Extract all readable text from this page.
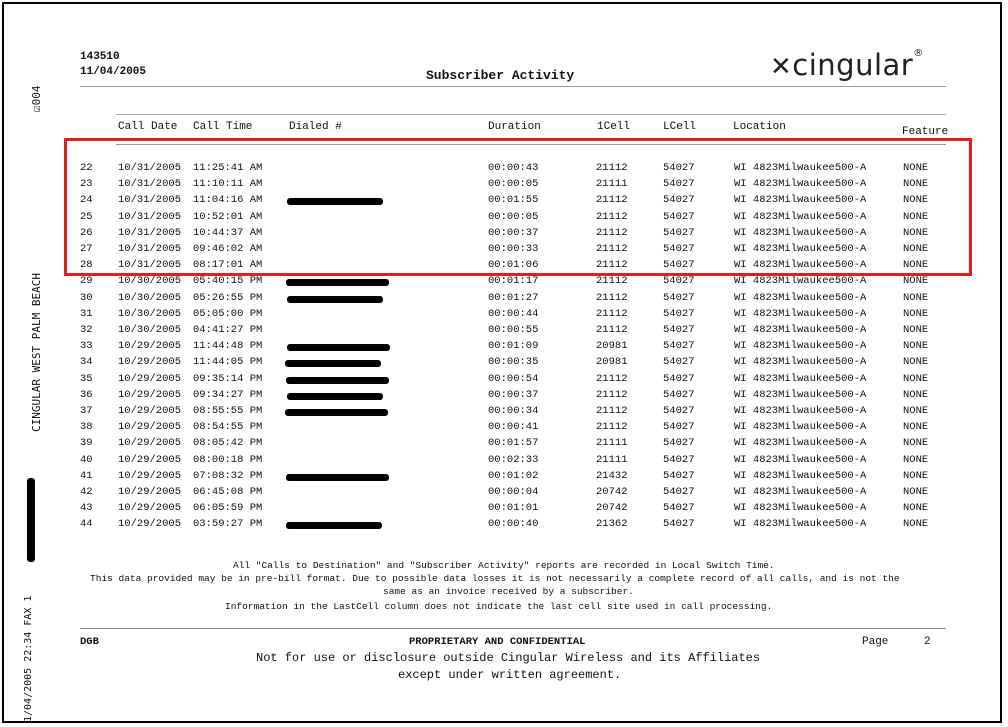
☑004
CINGULAR WEST PALM BEACH
1/04/2005 22:34 FAX 1
143510
11/04/2005	Subscriber Activity	✕cingular®
Call Date Call Time	Dialed #	Duration	1Cell	LCell	Location	Feature
22 10/31/2005 11:25:41 AM	00:00:43	21112	54027	WI 4823Milwaukee500-A	NONE
23 10/31/2005 11:10:11 AM	00:00:05	21111	54027	WI 4823Milwaukee500-A	NONE
24 10/31/2005 11:04:16 AM	00:01:55	21112	54027	WI 4823Milwaukee500-A	NONE
25 10/31/2005 10:52:01 AM	00:00:05	21112	54027	WI 4823Milwaukee500-A	NONE
26 10/31/2005 10:44:37 AM	00:00:37	21112	54027	WI 4823Milwaukee500-A	NONE
27 10/31/2005 09:46:02 AM	00:00:33	21112	54027	WI 4823Milwaukee500-A	NONE
28 10/31/2005 08:17:01 AM	00:01:06	21112	54027	WI 4823Milwaukee500-A	NONE
29 10/30/2005 05:40:15 PM	00:01:17	21112	54027	WI 4823Milwaukee500-A	NONE
30 10/30/2005 05:26:55 PM	00:01:27	21112	54027	WI 4823Milwaukee500-A	NONE
31 10/30/2005 05:05:00 PM	00:00:44	21112	54027	WI 4823Milwaukee500-A	NONE
32 10/30/2005 04:41:27 PM	00:00:55	21112	54027	WI 4823Milwaukee500-A	NONE
33 10/29/2005 11:44:48 PM	00:01:09	20981	54027	WI 4823Milwaukee500-A	NONE
34 10/29/2005 11:44:05 PM	00:00:35	20981	54027	WI 4823Milwaukee500-A	NONE
35 10/29/2005 09:35:14 PM	00:00:54	21112	54027	WI 4823Milwaukee500-A	NONE
36 10/29/2005 09:34:27 PM	00:00:37	21112	54027	WI 4823Milwaukee500-A	NONE
37 10/29/2005 08:55:55 PM	00:00:34	21112	54027	WI 4823Milwaukee500-A	NONE
38 10/29/2005 08:54:55 PM	00:00:41	21112	54027	WI 4823Milwaukee500-A	NONE
39 10/29/2005 08:05:42 PM	00:01:57	21111	54027	WI 4823Milwaukee500-A	NONE
40 10/29/2005 08:00:18 PM	00:02:33	21111	54027	WI 4823Milwaukee500-A	NONE
41 10/29/2005 07:08:32 PM	00:01:02	21432	54027	WI 4823Milwaukee500-A	NONE
42 10/29/2005 06:45:08 PM	00:00:04	20742	54027	WI 4823Milwaukee500-A	NONE
43 10/29/2005 06:05:59 PM	00:01:01	20742	54027	WI 4823Milwaukee500-A	NONE
44 10/29/2005 03:59:27 PM	00:00:40	21362	54027	WI 4823Milwaukee500-A	NONE
All "Calls to Destination" and "Subscriber Activity" reports are recorded in Local Switch Time.
This data provided may be in pre-bill format. Due to possible data losses it is not necessarily a complete record of all calls, and is not the
same as an invoice received by a subscriber.
Information in the LastCell column does not indicate the last cell site used in call processing.
DGB	PROPRIETARY AND CONFIDENTIAL	Page	2
Not for use or disclosure outside Cingular Wireless and its Affiliates
except under written agreement.
